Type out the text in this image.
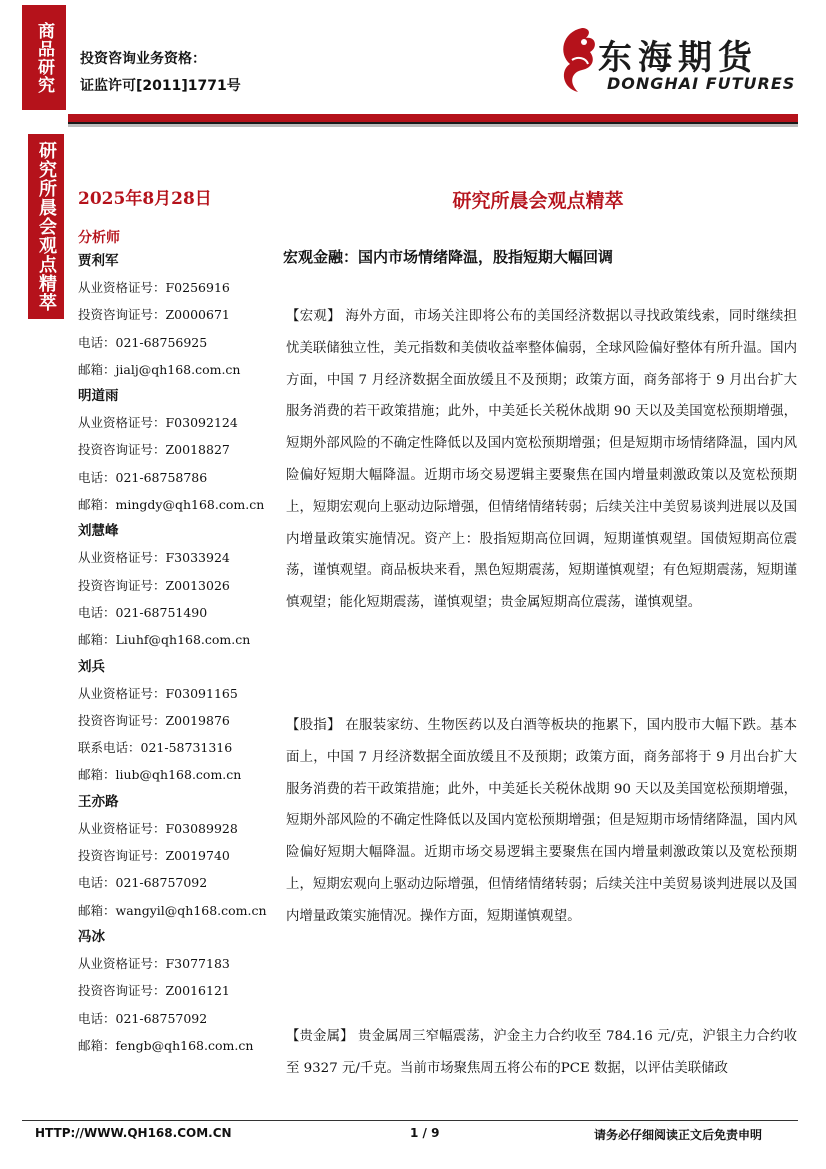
商品研究	投资咨询业务资格：
证监许可[2011]1771号
东海期货
DONGHAI FUTURES
研究所晨会观点精萃	2025年8月28日
分析师
贾利军
从业资格证号：F0256916
投资咨询证号：Z0000671
电话：021-68756925
邮箱：jialj@qh168.com.cn
明道雨
从业资格证号：F03092124
投资咨询证号：Z0018827
电话：021-68758786
邮箱：mingdy@qh168.com.cn
刘慧峰
从业资格证号：F3033924
投资咨询证号：Z0013026
电话：021-68751490
邮箱：Liuhf@qh168.com.cn
刘兵
从业资格证号：F03091165
投资咨询证号：Z0019876
联系电话：021-58731316
邮箱：liub@qh168.com.cn
王亦路
从业资格证号：F03089928
投资咨询证号：Z0019740
电话：021-68757092
邮箱：wangyil@qh168.com.cn
冯冰
从业资格证号：F3077183
投资咨询证号：Z0016121
电话：021-68757092
邮箱：fengb@qh168.com.cn
研究所晨会观点精萃
宏观金融：国内市场情绪降温，股指短期大幅回调
【宏观】 海外方面，市场关注即将公布的美国经济数据以寻找政策线索，同时继续担忧美联储独立性，美元指数和美债收益率整体偏弱，全球风险偏好整体有所升温。国内方面，中国 7 月经济数据全面放缓且不及预期；政策方面，商务部将于 9 月出台扩大服务消费的若干政策措施；此外，中美延长关税休战期 90 天以及美国宽松预期增强，短期外部风险的不确定性降低以及国内宽松预期增强；但是短期市场情绪降温，国内风险偏好短期大幅降温。近期市场交易逻辑主要聚焦在国内增量刺激政策以及宽松预期上，短期宏观向上驱动边际增强，但情绪情绪转弱；后续关注中美贸易谈判进展以及国内增量政策实施情况。资产上：股指短期高位回调，短期谨慎观望。国债短期高位震荡，谨慎观望。商品板块来看，黑色短期震荡，短期谨慎观望；有色短期震荡，短期谨慎观望；能化短期震荡，谨慎观望；贵金属短期高位震荡，谨慎观望。
【股指】 在服装家纺、生物医药以及白酒等板块的拖累下，国内股市大幅下跌。基本面上，中国 7 月经济数据全面放缓且不及预期；政策方面，商务部将于 9 月出台扩大服务消费的若干政策措施；此外，中美延长关税休战期 90 天以及美国宽松预期增强，短期外部风险的不确定性降低以及国内宽松预期增强；但是短期市场情绪降温，国内风险偏好短期大幅降温。近期市场交易逻辑主要聚焦在国内增量刺激政策以及宽松预期上，短期宏观向上驱动边际增强，但情绪情绪转弱；后续关注中美贸易谈判进展以及国内增量政策实施情况。操作方面，短期谨慎观望。
【贵金属】 贵金属周三窄幅震荡，沪金主力合约收至 784.16 元/克，沪银主力合约收至 9327 元/千克。当前市场聚焦周五将公布的PCE 数据，以评估美联储政
HTTP://WWW.QH168.COM.CN	1 / 9	请务必仔细阅读正文后免责申明
